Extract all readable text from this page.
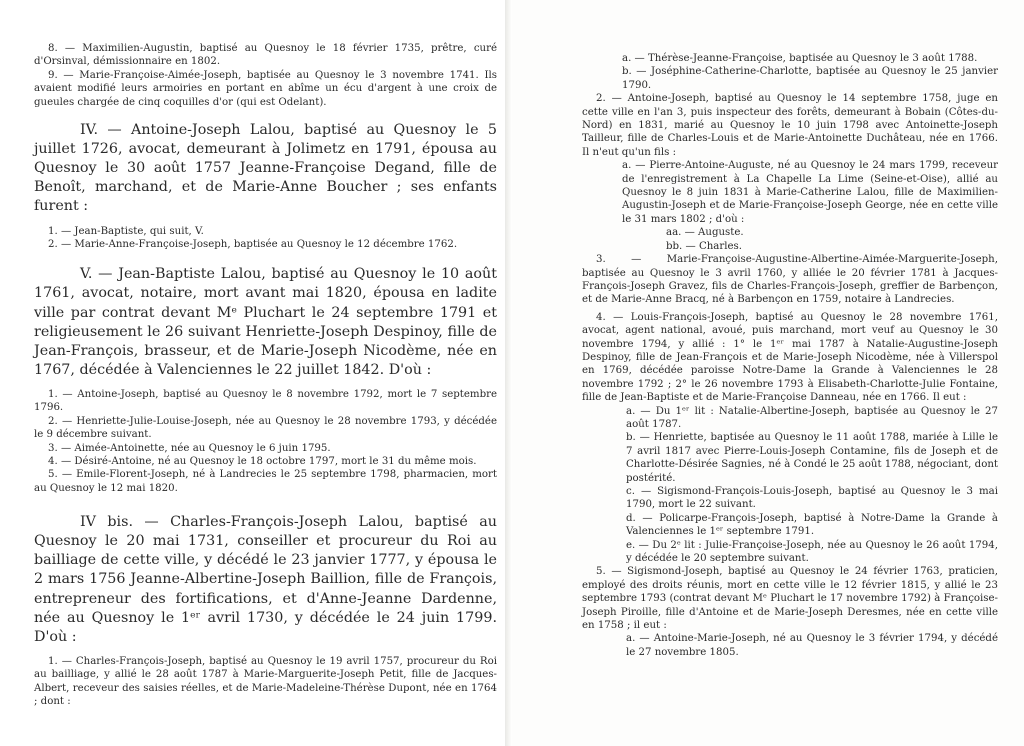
8. — Maximilien-Augustin, baptisé au Quesnoy le 18 février 1735, prêtre, curé d'Orsinval, démissionnaire en 1802.

9. — Marie-Françoise-Aimée-Joseph, baptisée au Quesnoy le 3 novembre 1741. Ils avaient modifié leurs armoiries en portant en abîme un écu d'argent à une croix de gueules chargée de cinq coquilles d'or (qui est Odelant).

IV. — Antoine-Joseph Lalou, baptisé au Quesnoy le 5 juillet 1726, avocat, demeurant à Jolimetz en 1791, épousa au Quesnoy le 30 août 1757 Jeanne-Françoise Degand, fille de Benoît, marchand, et de Marie-Anne Boucher ; ses enfants furent :

1. — Jean-Baptiste, qui suit, V.

2. — Marie-Anne-Françoise-Joseph, baptisée au Quesnoy le 12 décembre 1762.

V. — Jean-Baptiste Lalou, baptisé au Quesnoy le 10 août 1761, avocat, notaire, mort avant mai 1820, épousa en ladite ville par contrat devant Mᵉ Pluchart le 24 septembre 1791 et religieusement le 26 suivant Henriette-Joseph Despinoy, fille de Jean-François, brasseur, et de Marie-Joseph Nicodème, née en 1767, décédée à Valenciennes le 22 juillet 1842. D'où :

1. — Antoine-Joseph, baptisé au Quesnoy le 8 novembre 1792, mort le 7 septembre 1796.

2. — Henriette-Julie-Louise-Joseph, née au Quesnoy le 28 novembre 1793, y décédée le 9 décembre suivant.

3. — Aimée-Antoinette, née au Quesnoy le 6 juin 1795.

4. — Désiré-Antoine, né au Quesnoy le 18 octobre 1797, mort le 31 du même mois.

5. — Emile-Florent-Joseph, né à Landrecies le 25 septembre 1798, pharmacien, mort au Quesnoy le 12 mai 1820.

IV bis. — Charles-François-Joseph Lalou, baptisé au Quesnoy le 20 mai 1731, conseiller et procureur du Roi au bailliage de cette ville, y décédé le 23 janvier 1777, y épousa le 2 mars 1756 Jeanne-Albertine-Joseph Baillion, fille de François, entrepreneur des fortifications, et d'Anne-Jeanne Dardenne, née au Quesnoy le 1ᵉʳ avril 1730, y décédée le 24 juin 1799. D'où :

1. — Charles-François-Joseph, baptisé au Quesnoy le 19 avril 1757, procureur du Roi au bailliage, y allié le 28 août 1787 à Marie-Marguerite-Joseph Petit, fille de Jacques-Albert, receveur des saisies réelles, et de Marie-Madeleine-Thérèse Dupont, née en 1764 ; dont :

a. — Thérèse-Jeanne-Françoise, baptisée au Quesnoy le 3 août 1788.

b. — Joséphine-Catherine-Charlotte, baptisée au Quesnoy le 25 janvier 1790.

2. — Antoine-Joseph, baptisé au Quesnoy le 14 septembre 1758, juge en cette ville en l'an 3, puis inspecteur des forêts, demeurant à Bobain (Côtes-du-Nord) en 1831, marié au Quesnoy le 10 juin 1798 avec Antoinette-Joseph Tailleur, fille de Charles-Louis et de Marie-Antoinette Duchâteau, née en 1766. Il n'eut qu'un fils :

a. — Pierre-Antoine-Auguste, né au Quesnoy le 24 mars 1799, receveur de l'enregistrement à La Chapelle La Lime (Seine-et-Oise), allié au Quesnoy le 8 juin 1831 à Marie-Catherine Lalou, fille de Maximilien-Augustin-Joseph et de Marie-Françoise-Joseph George, née en cette ville le 31 mars 1802 ; d'où :

aa. — Auguste.

bb. — Charles.

3. — Marie-Françoise-Augustine-Albertine-Aimée-Marguerite-Joseph, baptisée au Quesnoy le 3 avril 1760, y alliée le 20 février 1781 à Jacques-François-Joseph Gravez, fils de Charles-François-Joseph, greffier de Barbençon, et de Marie-Anne Bracq, né à Barbençon en 1759, notaire à Landrecies.

4. — Louis-François-Joseph, baptisé au Quesnoy le 28 novembre 1761, avocat, agent national, avoué, puis marchand, mort veuf au Quesnoy le 30 novembre 1794, y allié : 1° le 1ᵉʳ mai 1787 à Natalie-Augustine-Joseph Despinoy, fille de Jean-François et de Marie-Joseph Nicodème, née à Villerspol en 1769, décédée paroisse Notre-Dame la Grande à Valenciennes le 28 novembre 1792 ; 2° le 26 novembre 1793 à Elisabeth-Charlotte-Julie Fontaine, fille de Jean-Baptiste et de Marie-Françoise Danneau, née en 1766. Il eut :

a. — Du 1ᵉʳ lit : Natalie-Albertine-Joseph, baptisée au Quesnoy le 27 août 1787.

b. — Henriette, baptisée au Quesnoy le 11 août 1788, mariée à Lille le 7 avril 1817 avec Pierre-Louis-Joseph Contamine, fils de Joseph et de Charlotte-Désirée Sagnies, né à Condé le 25 août 1788, négociant, dont postérité.

c. — Sigismond-François-Louis-Joseph, baptisé au Quesnoy le 3 mai 1790, mort le 22 suivant.

d. — Policarpe-François-Joseph, baptisé à Notre-Dame la Grande à Valenciennes le 1ᵉʳ septembre 1791.

e. — Du 2ᵉ lit : Julie-Françoise-Joseph, née au Quesnoy le 26 août 1794, y décédée le 20 septembre suivant.

5. — Sigismond-Joseph, baptisé au Quesnoy le 24 février 1763, praticien, employé des droits réunis, mort en cette ville le 12 février 1815, y allié le 23 septembre 1793 (contrat devant Mᵉ Pluchart le 17 novembre 1792) à Françoise-Joseph Piroille, fille d'Antoine et de Marie-Joseph Deresmes, née en cette ville en 1758 ; il eut :

a. — Antoine-Marie-Joseph, né au Quesnoy le 3 février 1794, y décédé le 27 novembre 1805.
